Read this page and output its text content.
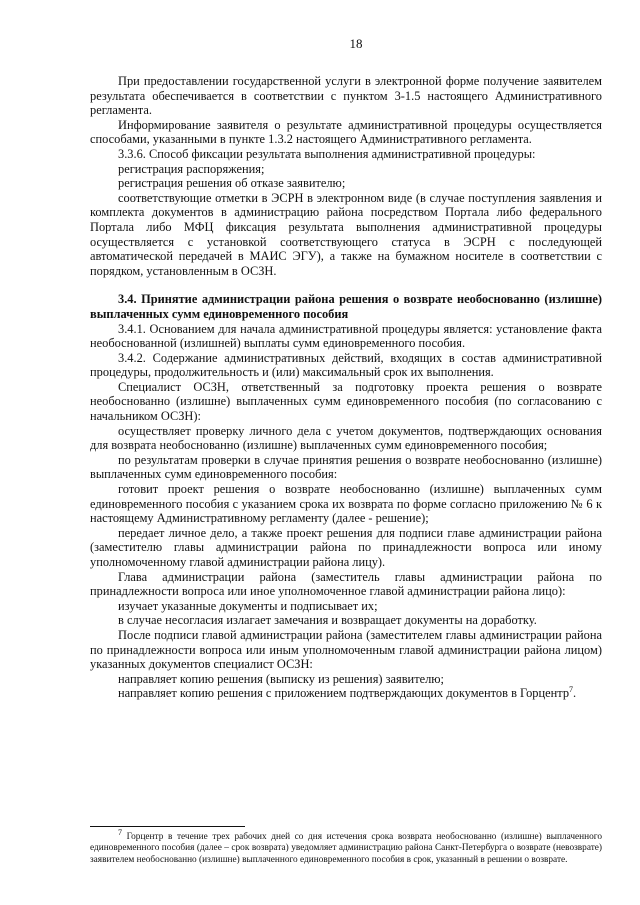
18

При предоставлении государственной услуги в электронной форме получение заявителем результата обеспечивается в соответствии с пунктом 3-1.5 настоящего Административного регламента.

Информирование заявителя о результате административной процедуры осуществляется способами, указанными в пункте 1.3.2 настоящего Административного регламента.

3.3.6. Способ фиксации результата выполнения административной процедуры:

регистрация распоряжения;

регистрация решения об отказе заявителю;

соответствующие отметки в ЭСРН в электронном виде (в случае поступления заявления и комплекта документов в администрацию района посредством Портала либо федерального Портала либо МФЦ фиксация результата выполнения административной процедуры осуществляется с установкой соответствующего статуса в ЭСРН с последующей автоматической передачей в МАИС ЭГУ), а также на бумажном носителе в соответствии с порядком, установленным в ОСЗН.

3.4. Принятие администрации района решения о возврате необоснованно (излишне) выплаченных сумм единовременного пособия

3.4.1. Основанием для начала административной процедуры является: установление факта необоснованной (излишней) выплаты сумм единовременного пособия.

3.4.2. Содержание административных действий, входящих в состав административной процедуры, продолжительность и (или) максимальный срок их выполнения.

Специалист ОСЗН, ответственный за подготовку проекта решения о возврате необоснованно (излишне) выплаченных сумм единовременного пособия (по согласованию с начальником ОСЗН):

осуществляет проверку личного дела с учетом документов, подтверждающих основания для возврата необоснованно (излишне) выплаченных сумм единовременного пособия;

по результатам проверки в случае принятия решения о возврате необоснованно (излишне) выплаченных сумм единовременного пособия:

готовит проект решения о возврате необоснованно (излишне) выплаченных сумм единовременного пособия с указанием срока их возврата по форме согласно приложению № 6 к настоящему Административному регламенту (далее - решение);

передает личное дело, а также проект решения для подписи главе администрации района (заместителю главы администрации района по принадлежности вопроса или иному уполномоченному главой администрации района лицу).

Глава администрации района (заместитель главы администрации района по принадлежности вопроса или иное уполномоченное главой администрации района лицо):

изучает указанные документы и подписывает их;

в случае несогласия излагает замечания и возвращает документы на доработку.

После подписи главой администрации района (заместителем главы администрации района по принадлежности вопроса или иным уполномоченным главой администрации района лицом) указанных документов специалист ОСЗН:

направляет копию решения (выписку из решения) заявителю;

направляет копию решения с приложением подтверждающих документов в Горцентр$^7$.

$^7$ Горцентр в течение трех рабочих дней со дня истечения срока возврата необоснованно (излишне) выплаченного единовременного пособия (далее – срок возврата) уведомляет администрацию района Санкт-Петербурга о возврате (невозврате) заявителем необоснованно (излишне) выплаченного единовременного пособия в срок, указанный в решении о возврате.
